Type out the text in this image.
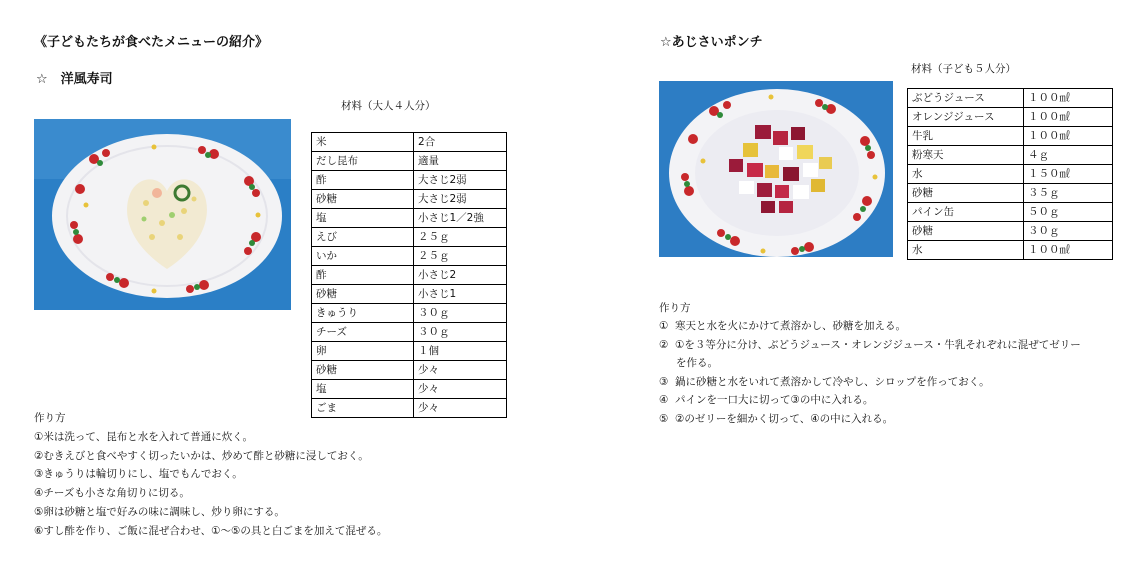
《子どもたちが食べたメニューの紹介》
☆　洋風寿司
材料（大人４人分）
米	2合
だし昆布	適量
酢	大さじ2弱
砂糖	大さじ2弱
塩	小さじ1／2強
えび	２５ｇ
いか	２５ｇ
酢	小さじ2
砂糖	小さじ1
きゅうり	３０ｇ
チーズ	３０ｇ
卵	１個
砂糖	少々
塩	少々
ごま	少々
作り方
①米は洗って、昆布と水を入れて普通に炊く。
②むきえびと食べやすく切ったいかは、炒めて酢と砂糖に浸しておく。
③きゅうりは輪切りにし、塩でもんでおく。
④チーズも小さな角切りに切る。
⑤卵は砂糖と塩で好みの味に調味し、炒り卵にする。
⑥すし酢を作り、ご飯に混ぜ合わせ、①〜⑤の具と白ごまを加えて混ぜる。
☆あじさいポンチ
材料（子ども５人分）
ぶどうジュース	１００㎖
オレンジジュース	１００㎖
牛乳	１００㎖
粉寒天	４ｇ
水	１５０㎖
砂糖	３５ｇ
パイン缶	５０ｇ
砂糖	３０ｇ
水	１００㎖
作り方
① 寒天と水を火にかけて煮溶かし、砂糖を加える。
② ①を３等分に分け、ぶどうジュース・オレンジジュース・牛乳それぞれに混ぜてゼリー
を作る。
③ 鍋に砂糖と水をいれて煮溶かして冷やし、シロップを作っておく。
④ パインを一口大に切って③の中に入れる。
⑤ ②のゼリーを細かく切って、④の中に入れる。
